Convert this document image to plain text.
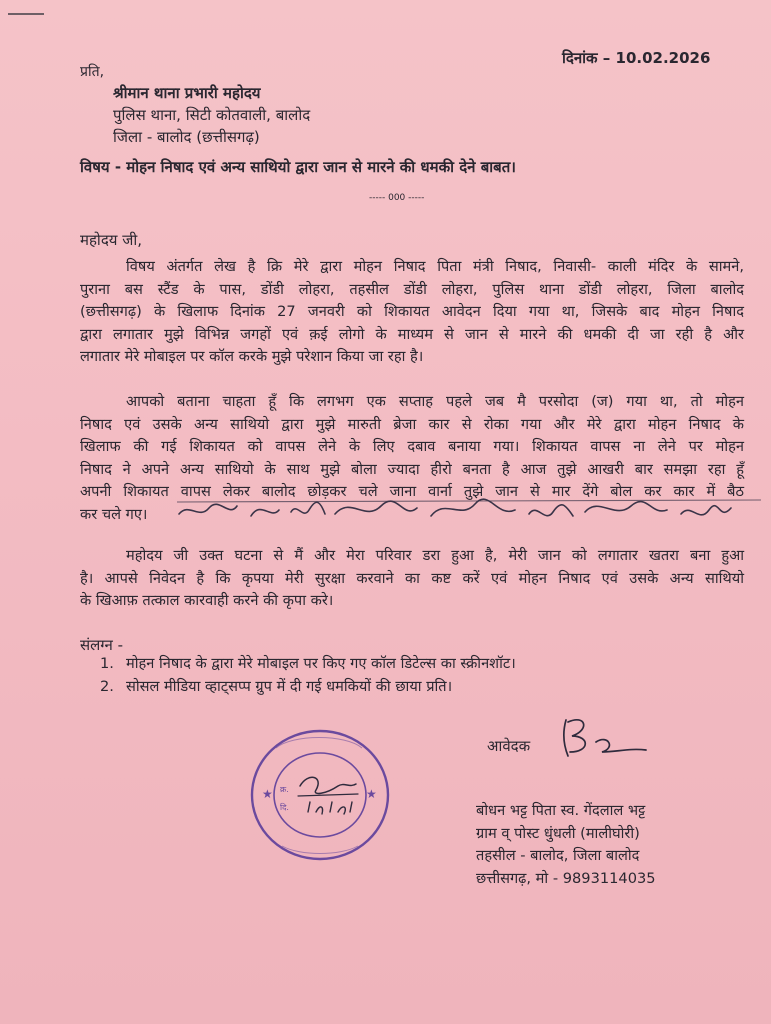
दिनांक – 10.02.2026

प्रति,

श्रीमान थाना प्रभारी महोदय

पुलिस थाना, सिटी कोतवाली, बालोद

जिला - बालोद (छत्तीसगढ़)

विषय - मोहन निषाद एवं अन्य साथियो द्वारा जान से मारने की धमकी देने बाबत।

----- 000 -----

महोदय जी,

विषय अंतर्गत लेख है क्रि मेरे द्वारा मोहन निषाद पिता मंत्री निषाद, निवासी- काली मंदिर के सामने,
पुराना बस स्टैंड के पास, डोंडी लोहरा, तहसील डोंडी लोहरा, पुलिस थाना डोंडी लोहरा, जिला बालोद
(छत्तीसगढ़) के खिलाफ दिनांक 27 जनवरी को शिकायत आवेदन दिया गया था, जिसके बाद मोहन निषाद
द्वारा लगातार मुझे विभिन्न जगहों एवं क़ई लोगो के माध्यम से जान से मारने की धमकी दी जा रही है और
लगातार मेरे मोबाइल पर कॉल करके मुझे परेशान किया जा रहा है।
आपको बताना चाहता हूँ कि लगभग एक सप्ताह पहले जब मै परसोदा (ज) गया था, तो मोहन
निषाद एवं उसके अन्य साथियो द्वारा मुझे मारुती ब्रेजा कार से रोका गया और मेरे द्वारा मोहन निषाद के
खिलाफ की गई शिकायत को वापस लेने के लिए दबाव बनाया गया। शिकायत वापस ना लेने पर मोहन
निषाद ने अपने अन्य साथियो के साथ मुझे बोला ज्यादा हीरो बनता है आज तुझे आखरी बार समझा रहा हूँ
अपनी शिकायत वापस लेकर बालोद छोड़कर चले जाना वार्ना तुझे जान से मार देंगे बोल कर कार में बैठ
कर चले गए।
महोदय जी उक्त घटना से मैं और मेरा परिवार डरा हुआ है, मेरी जान को लगातार खतरा बना हुआ
है। आपसे निवेदन है कि कृपया मेरी सुरक्षा करवाने का कष्ट करें एवं मोहन निषाद एवं उसके अन्य साथियो
के खिआफ़ तत्काल कारवाही करने की कृपा करे।

संलग्न -

1. मोहन निषाद के द्वारा मेरे मोबाइल पर किए गए कॉल डिटेल्स का स्क्रीनशॉट।
2. सोसल मीडिया व्हाट्सप्प ग्रुप में दी गई धमकियों की छाया प्रति।

आवेदक

बोधन भट्ट पिता स्व. गेंदलाल भट्ट
ग्राम व् पोस्ट धुंधली (मालीघोरी)
तहसील - बालोद, जिला बालोद
छत्तीसगढ़, मो - 9893114035
★	★
क्र.
दि.
